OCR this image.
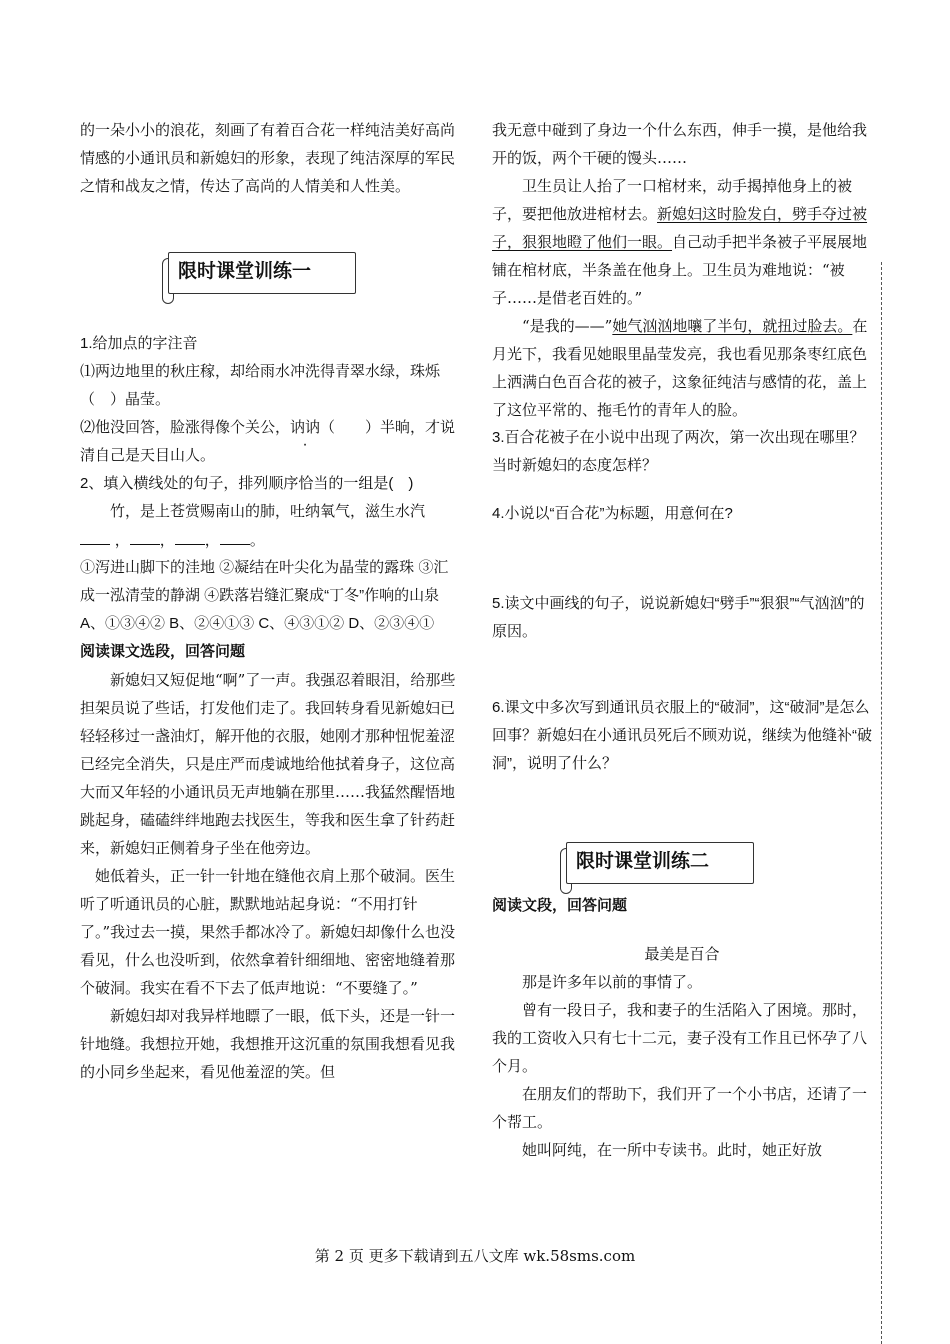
的一朵小小的浪花，刻画了有着百合花一样纯洁美好高尚情感的小通讯员和新媳妇的形象，表现了纯洁深厚的军民之情和战友之情，传达了高尚的人情美和人性美。

限时课堂训练一

1.给加点的字注音

⑴两边地里的秋庄稼，却给雨水冲洗得青翠水绿，珠烁（　）晶莹。

⑵他没回答，脸涨得像个关公，讷讷（　　）半晌，才说清自己是天目山人。

2、填入横线处的句子，排列顺序恰当的一组是(　)

竹，是上苍赏赐南山的肺，吐纳氧气，滋生水汽

， ， ， 。

①泻进山脚下的洼地 ②凝结在叶尖化为晶莹的露珠 ③汇成一泓清莹的静湖 ④跌落岩缝汇聚成“丁冬”作响的山泉

A、①③④② B、②④①③ C、④③①② D、②③④①

阅读课文选段，回答问题

新媳妇又短促地“啊”了一声。我强忍着眼泪，给那些担架员说了些话，打发他们走了。我回转身看见新媳妇已轻轻移过一盏油灯，解开他的衣服，她刚才那种忸怩羞涩已经完全消失，只是庄严而虔诚地给他拭着身子，这位高大而又年轻的小通讯员无声地躺在那里……我猛然醒悟地跳起身，磕磕绊绊地跑去找医生，等我和医生拿了针药赶来，新媳妇正侧着身子坐在他旁边。

她低着头，正一针一针地在缝他衣肩上那个破洞。医生听了听通讯员的心脏，默默地站起身说：“不用打针了。”我过去一摸，果然手都冰冷了。新媳妇却像什么也没看见，什么也没听到，依然拿着针细细地、密密地缝着那个破洞。我实在看不下去了低声地说：“不要缝了。”

新媳妇却对我异样地瞟了一眼，低下头，还是一针一针地缝。我想拉开她，我想推开这沉重的氛围我想看见我的小同乡坐起来，看见他羞涩的笑。但

我无意中碰到了身边一个什么东西，伸手一摸，是他给我开的饭，两个干硬的馒头……

卫生员让人抬了一口棺材来，动手揭掉他身上的被子，要把他放进棺材去。新媳妇这时脸发白，劈手夺过被子，狠狠地瞪了他们一眼。自己动手把半条被子平展展地铺在棺材底，半条盖在他身上。卫生员为难地说：“被子……是借老百姓的。”

“是我的——”她气汹汹地嚷了半句，就扭过脸去。在月光下，我看见她眼里晶莹发亮，我也看见那条枣红底色上洒满白色百合花的被子，这象征纯洁与感情的花，盖上了这位平常的、拖毛竹的青年人的脸。

3.百合花被子在小说中出现了两次，第一次出现在哪里？当时新媳妇的态度怎样？

4.小说以“百合花”为标题，用意何在?

5.读文中画线的句子，说说新媳妇“劈手”“狠狠”“气汹汹”的原因。

6.课文中多次写到通讯员衣服上的“破洞”，这“破洞”是怎么回事？新媳妇在小通讯员死后不顾劝说，继续为他缝补“破洞”，说明了什么？

限时课堂训练二

阅读文段，回答问题

最美是百合

那是许多年以前的事情了。

曾有一段日子，我和妻子的生活陷入了困境。那时，我的工资收入只有七十二元，妻子没有工作且已怀孕了八个月。

在朋友们的帮助下，我们开了一个小书店，还请了一个帮工。

她叫阿纯，在一所中专读书。此时，她正好放

第 2 页 更多下载请到五八文库 wk.58sms.com
